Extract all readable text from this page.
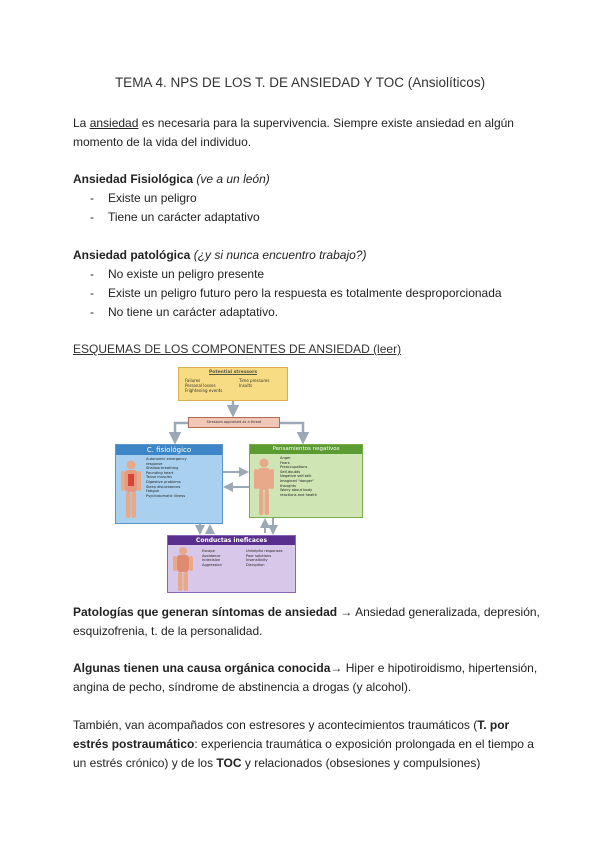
TEMA 4. NPS DE LOS T. DE ANSIEDAD Y TOC (Ansiolíticos)
La ansiedad es necesaria para la supervivencia. Siempre existe ansiedad en algún momento de la vida del individuo.
Ansiedad Fisiológica (ve a un león)
- Existe un peligro
- Tiene un carácter adaptativo
Ansiedad patológica (¿y si nunca encuentro trabajo?)
- No existe un peligro presente
- Existe un peligro futuro pero la respuesta es totalmente desproporcionada
- No tiene un carácter adaptativo.
ESQUEMAS DE LOS COMPONENTES DE ANSIEDAD (leer)
Potential stressors
Failures
Personal losses
Frightening events
Time pressures
Insults
Stressors appraised as a threat
C. fisiológico
Autonomic emergency
response
Shallow breathing
Pounding heart
Tense muscles
Digestive problems
Sleep disturbances
Fatigue
Psychosomatic illness
Pensamientos negativos
Anger
Fears
Preoccupations
Self-doubts
Negative self-talk
Imagined "danger"
thoughts
Worry about body
reactions and health
Conductas ineficaces
Escape
Avoidance
Indecision
Aggression
Unhelpful responses
Poor solutions
Insensitivity
Disruption
Patologías que generan síntomas de ansiedad → Ansiedad generalizada, depresión, esquizofrenia, t. de la personalidad.
Algunas tienen una causa orgánica conocida→ Hiper e hipotiroidismo, hipertensión, angina de pecho, síndrome de abstinencia a drogas (y alcohol).
También, van acompañados con estresores y acontecimientos traumáticos (T. por estrés postraumático: experiencia traumática o exposición prolongada en el tiempo a un estrés crónico) y de los TOC y relacionados (obsesiones y compulsiones)
